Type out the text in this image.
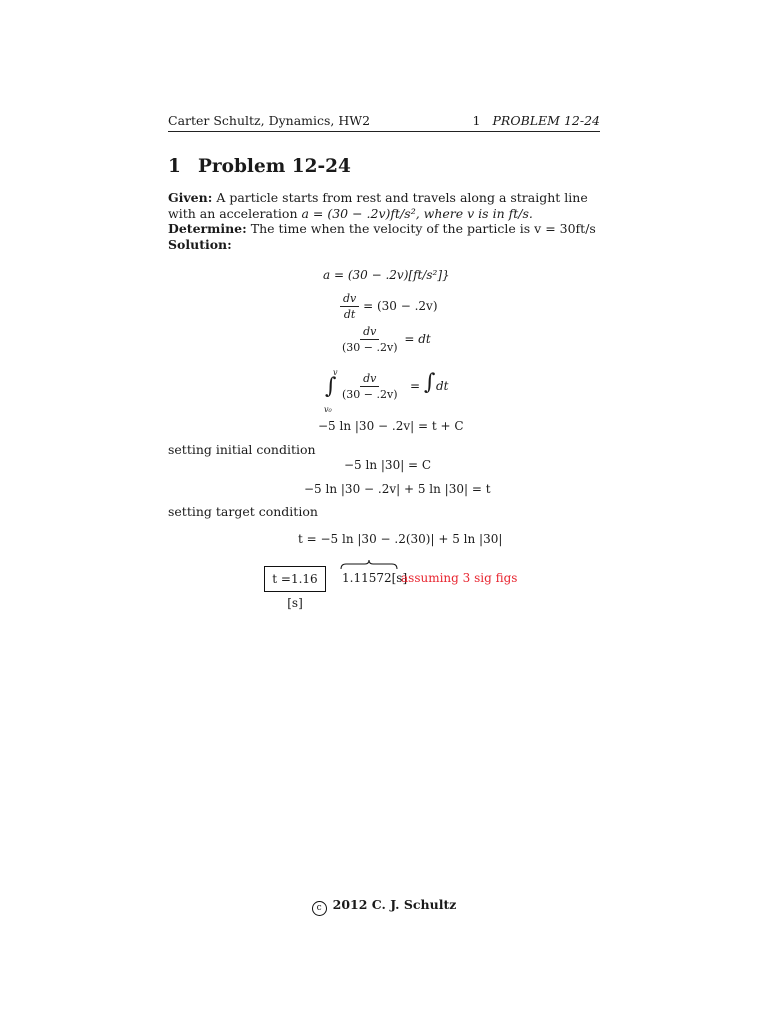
Carter Schultz, Dynamics, HW2	1 PROBLEM 12-24
1 Problem 12-24
Given: A particle starts from rest and travels along a straight line with an acceleration a = (30 − .2v)ft/s², where v is in ft/s.
Determine: The time when the velocity of the particle is v = 30ft/s
Solution:
a = (30 − .2v)[ft/s²]}
$\frac{dv}{dt} = (30 - .2v)$
$\frac{dv}{(30 - .2v)}$ = dt
v
∫
v₀
$\frac{dv}{(30 - .2v)}$ = ∫ dt
−5 ln |30 − .2v| = t + C
setting initial condition
−5 ln |30| = C
−5 ln |30 − .2v| + 5 ln |30| = t
setting target condition
t = −5 ln |30 − .2(30)| + 5 ln |30|
t =1.16 [s]
1.11572[s]
assuming 3 sig figs
c 2012 C. J. Schultz
